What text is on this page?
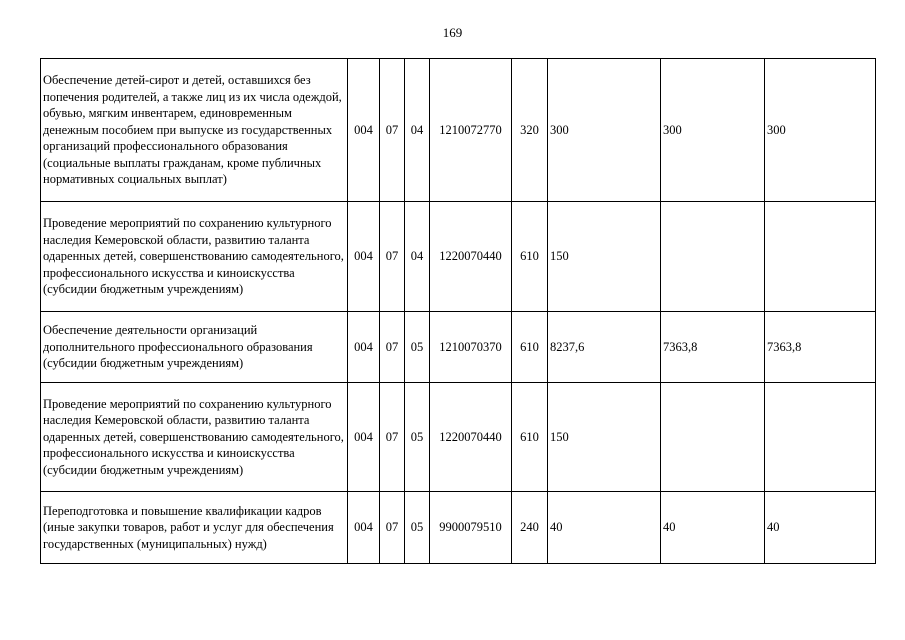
169
Обеспечение детей-сирот и детей, оставшихся без попечения родителей, а также лиц из их числа одеждой, обувью, мягким инвентарем, единовременным денежным пособием при выпуске из государственных организаций профессионального образования (социальные выплаты гражданам, кроме публичных нормативных социальных выплат)	004	07	04	1210072770	320	300	300	300
Проведение мероприятий по сохранению культурного наследия Кемеровской области, развитию таланта одаренных детей, совершенствованию самодеятельного, профессионального искусства и киноискусства (субсидии бюджетным учреждениям)	004	07	04	1220070440	610	150		
Обеспечение деятельности организаций дополнительного профессионального образования (субсидии бюджетным учреждениям)	004	07	05	1210070370	610	8237,6	7363,8	7363,8
Проведение мероприятий по сохранению культурного наследия Кемеровской области, развитию таланта одаренных детей, совершенствованию самодеятельного, профессионального искусства и киноискусства (субсидии бюджетным учреждениям)	004	07	05	1220070440	610	150		
Переподготовка и повышение квалификации кадров (иные закупки товаров, работ и услуг для обеспечения государственных (муниципальных) нужд)	004	07	05	9900079510	240	40	40	40
